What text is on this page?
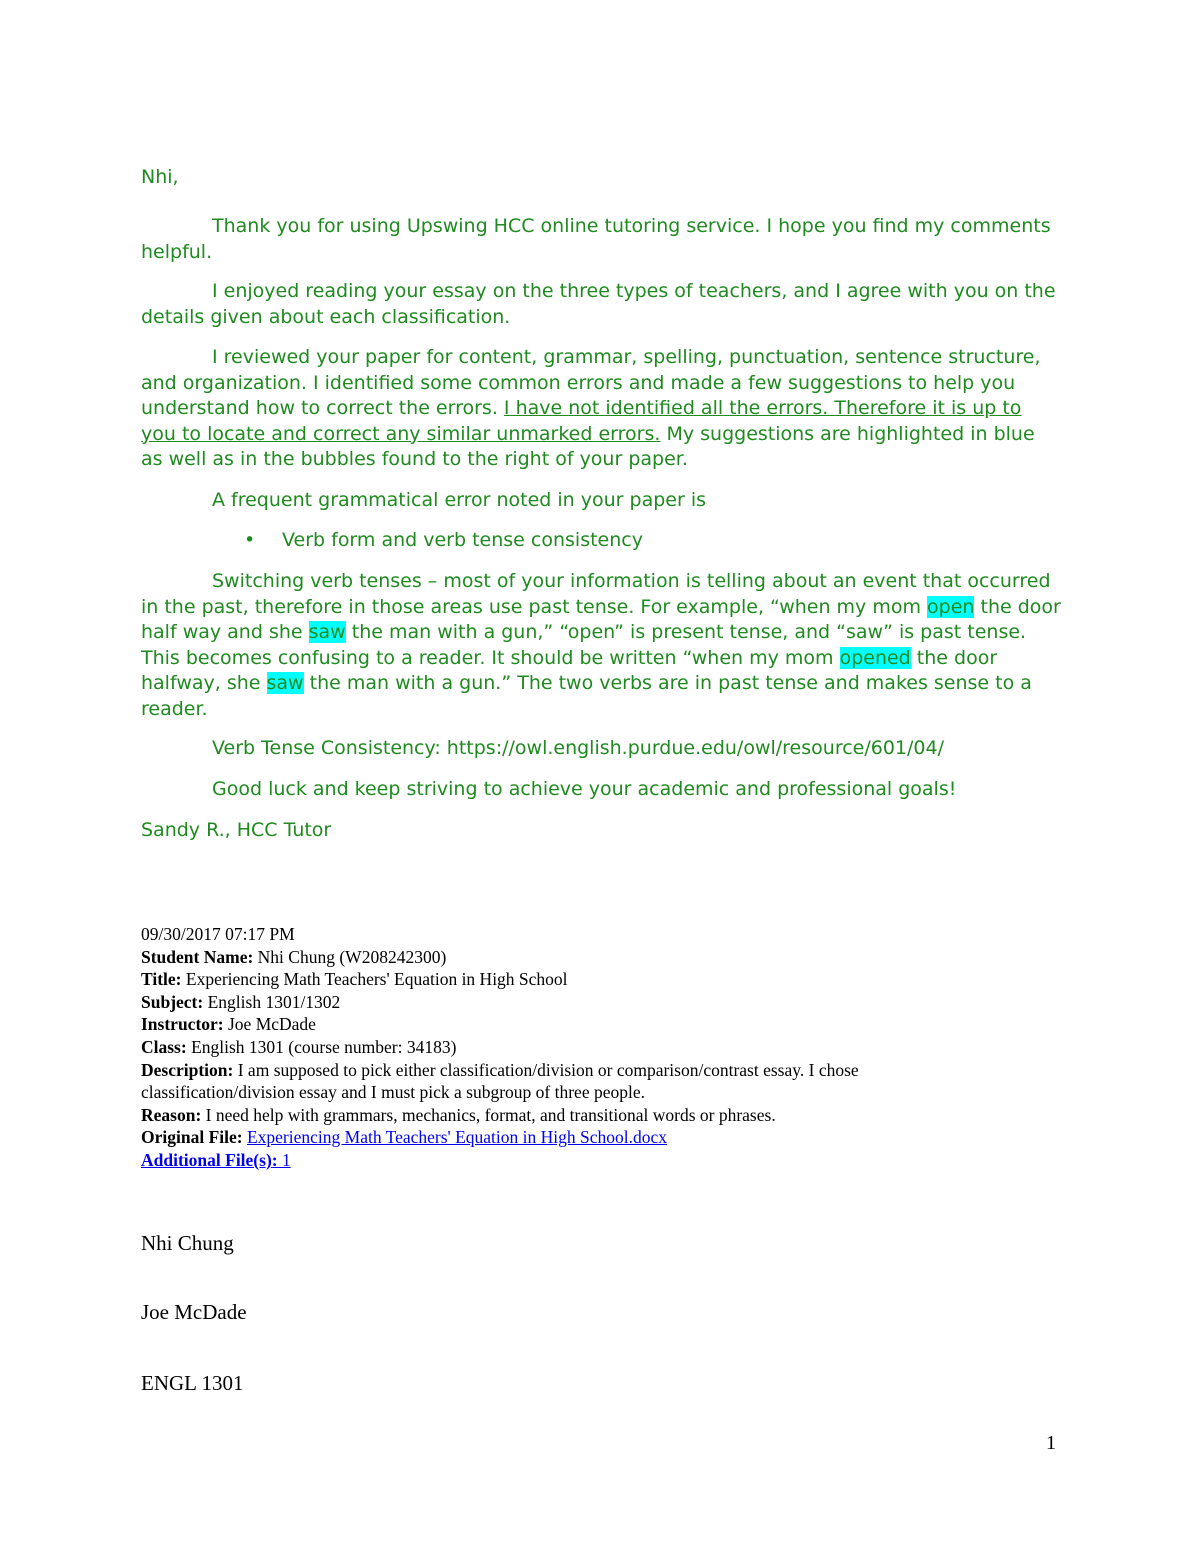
Nhi,
Thank you for using Upswing HCC online tutoring service. I hope you find my comments helpful.
I enjoyed reading your essay on the three types of teachers, and I agree with you on the details given about each classification.
I reviewed your paper for content, grammar, spelling, punctuation, sentence structure, and organization. I identified some common errors and made a few suggestions to help you understand how to correct the errors. I have not identified all the errors. Therefore it is up to you to locate and correct any similar unmarked errors. My suggestions are highlighted in blue as well as in the bubbles found to the right of your paper.
A frequent grammatical error noted in your paper is
• Verb form and verb tense consistency
Switching verb tenses – most of your information is telling about an event that occurred in the past, therefore in those areas use past tense. For example, “when my mom open the door half way and she saw the man with a gun,” “open” is present tense, and “saw” is past tense. This becomes confusing to a reader. It should be written “when my mom opened the door halfway, she saw the man with a gun.” The two verbs are in past tense and makes sense to a reader.
Verb Tense Consistency: https://owl.english.purdue.edu/owl/resource/601/04/
Good luck and keep striving to achieve your academic and professional goals!
Sandy R., HCC Tutor
09/30/2017 07:17 PM
Student Name: Nhi Chung (W208242300)
Title: Experiencing Math Teachers' Equation in High School
Subject: English 1301/1302
Instructor: Joe McDade
Class: English 1301 (course number: 34183)
Description: I am supposed to pick either classification/division or comparison/contrast essay. I chose classification/division essay and I must pick a subgroup of three people.
Reason: I need help with grammars, mechanics, format, and transitional words or phrases.
Original File: Experiencing Math Teachers' Equation in High School.docx
Additional File(s): 1
Nhi Chung
Joe McDade
ENGL 1301
1
